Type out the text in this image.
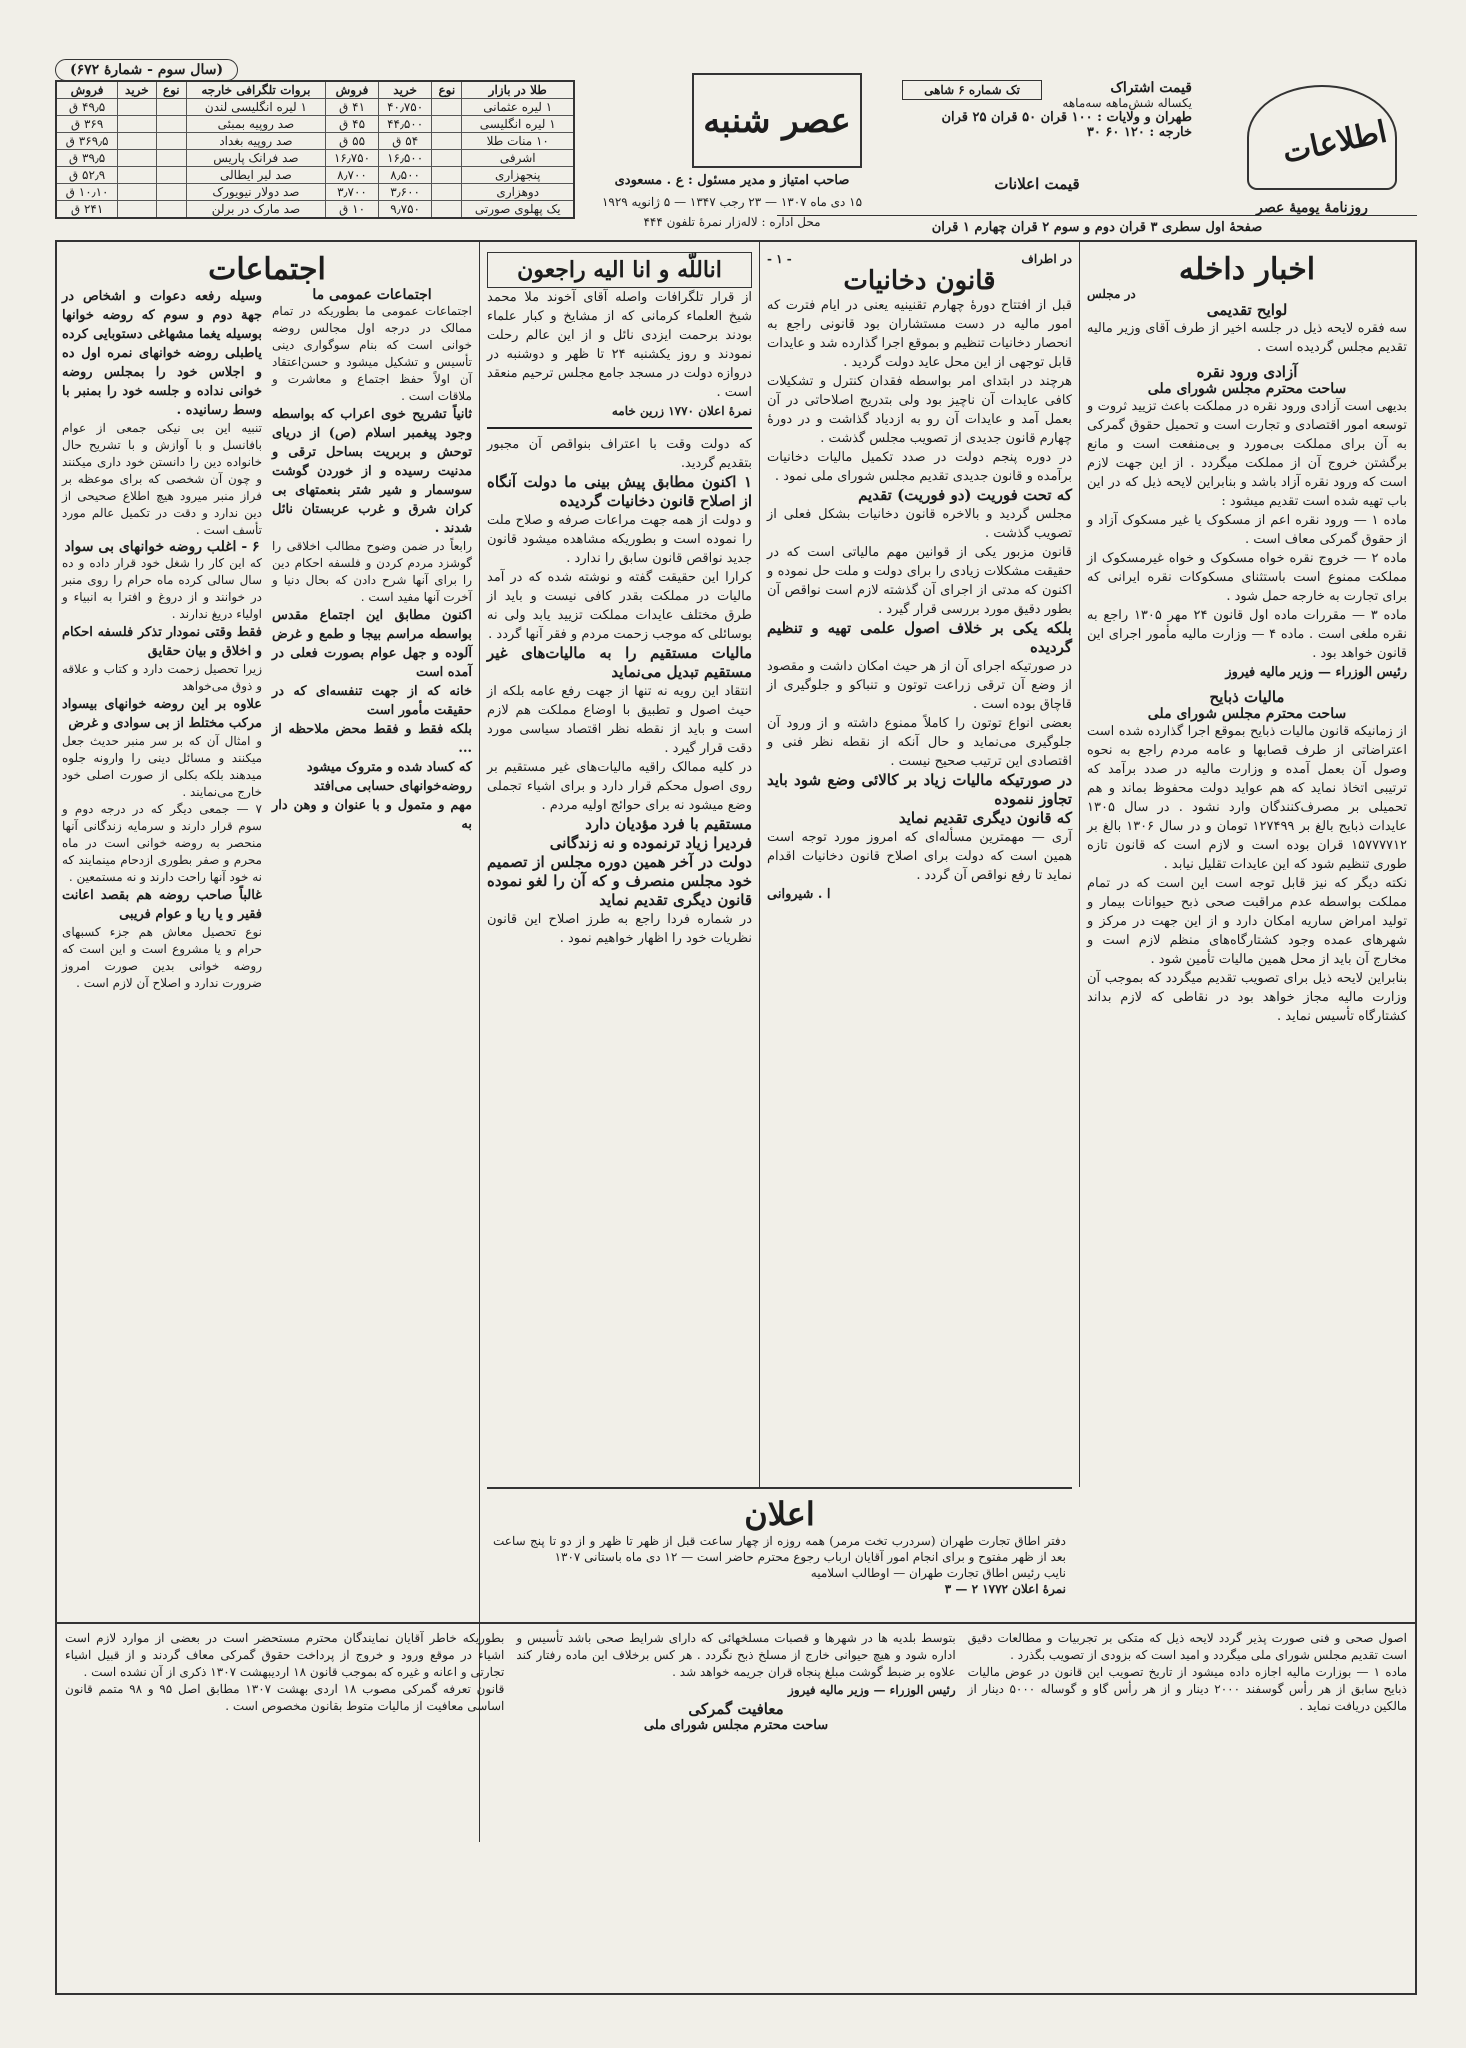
اطلاعات
روزنامهٔ یومیهٔ عصر
(سال سوم - شمارهٔ ۶۷۲)
قیمت اشتراک
یکساله شش‌ماهه سه‌ماهه
طهران و ولایات : ۱۰۰ قران ۵۰ قران ۲۵ قران
خارجه : ۱۲۰ ۶۰ ۳۰
تک شماره ۶ شاهی
قیمت اعلانات
صفحهٔ اول سطری ۳ قران دوم و سوم ۲ قران چهارم ۱ قران
عصر شنبه
صاحب امتیاز و مدیر مسئول : ع . مسعودی
۱۵ دی ماه ۱۳۰۷ — ۲۳ رجب ۱۳۴۷ — ۵ ژانویه ۱۹۲۹
محل اداره : لاله‌زار نمرهٔ تلفون ۴۴۴
طلا در بازار	نوع	خرید	فروش	بروات تلگرافی خارجه	نوع	خرید	فروش
۱ لیره عثمانی		۴۰٫۷۵۰	۴۱ ق	۱ لیره انگلیسی لندن			۴۹٫۵ ق
۱ لیره انگلیسی		۴۴٫۵۰۰	۴۵ ق	صد روپیه بمبئی			۳۶۹ ق
۱۰ منات طلا		۵۴ ق	۵۵ ق	صد روپیه بغداد			۳۶۹٫۵ ق
اشرفی		۱۶٫۵۰۰	۱۶٫۷۵۰	صد فرانک پاریس			۳۹٫۵ ق
پنجهزاری		۸٫۵۰۰	۸٫۷۰۰	صد لیر ایطالی			۵۲٫۹ ق
دوهزاری		۳٫۶۰۰	۳٫۷۰۰	صد دولار نیویورک			۱۰٫۱۰ ق
یک پهلوی صورتی		۹٫۷۵۰	۱۰ ق	صد مارک در برلن			۲۴۱ ق
اخبار داخله
در مجلس
لوایح تقدیمی
سه فقره لایحه ذیل در جلسه اخیر از طرف آقای وزیر مالیه تقدیم مجلس گردیده است .
آزادی ورود نقره
ساحت محترم مجلس شورای ملی
بدیهی است آزادی ورود نقره در مملکت باعث تزیید ثروت و توسعه امور اقتصادی و تجارت است و تحمیل حقوق گمرکی به آن برای مملکت بی‌مورد و بی‌منفعت است و مانع برگشتن خروج آن از مملکت میگردد . از این جهت لازم است که ورود نقره آزاد باشد و بنابراین لایحه ذیل که در این باب تهیه شده است تقدیم میشود :
ماده ۱ — ورود نقره اعم از مسکوک یا غیر مسکوک آزاد و از حقوق گمرکی معاف است .
ماده ۲ — خروج نقره خواه مسکوک و خواه غیرمسکوک از مملکت ممنوع است باستثنای مسکوکات نقره ایرانی که برای تجارت به خارجه حمل شود .
ماده ۳ — مقررات ماده اول قانون ۲۴ مهر ۱۳۰۵ راجع به نقره ملغی است . ماده ۴ — وزارت مالیه مأمور اجرای این قانون خواهد بود .
رئیس الوزراء — وزیر مالیه فیروز
مالیات ذبایح
ساحت محترم مجلس شورای ملی
از زمانیکه قانون مالیات ذبایح بموقع اجرا گذارده شده است اعتراضاتی از طرف قصابها و عامه مردم راجع به نحوه وصول آن بعمل آمده و وزارت مالیه در صدد برآمد که ترتیبی اتخاذ نماید که هم عواید دولت محفوظ بماند و هم تحمیلی بر مصرف‌کنندگان وارد نشود . در سال ۱۳۰۵ عایدات ذبایح بالغ بر ۱۲۷۴۹۹ تومان و در سال ۱۳۰۶ بالغ بر ۱۵۷۷۷۷۱۲ قران بوده است و لازم است که قانون تازه طوری تنظیم شود که این عایدات تقلیل نیابد .
نکته دیگر که نیز قابل توجه است این است که در تمام مملکت بواسطه عدم مراقبت صحی ذبح حیوانات بیمار و تولید امراض ساریه امکان دارد و از این جهت در مرکز و شهرهای عمده وجود کشتارگاه‌های منظم لازم است و مخارج آن باید از محل همین مالیات تأمین شود .
بنابراین لایحه ذیل برای تصویب تقدیم میگردد که بموجب آن وزارت مالیه مجاز خواهد بود در نقاطی که لازم بداند کشتارگاه تأسیس نماید .
در اطراف
- ۱ -
قانون دخانیات
قبل از افتتاح دورهٔ چهارم تقنینیه یعنی در ایام فترت که امور مالیه در دست مستشاران بود قانونی راجع به انحصار دخانیات تنظیم و بموقع اجرا گذارده شد و عایدات قابل توجهی از این محل عاید دولت گردید .
هرچند در ابتدای امر بواسطه فقدان کنترل و تشکیلات کافی عایدات آن ناچیز بود ولی بتدریج اصلاحاتی در آن بعمل آمد و عایدات آن رو به ازدیاد گذاشت و در دورهٔ چهارم قانون جدیدی از تصویب مجلس گذشت .
در دوره پنجم دولت در صدد تکمیل مالیات دخانیات برآمده و قانون جدیدی تقدیم مجلس شورای ملی نمود .
که تحت فوریت (دو فوریت) تقدیم
مجلس گردید و بالاخره قانون دخانیات بشکل فعلی از تصویب گذشت .
قانون مزبور یکی از قوانین مهم مالیاتی است که در حقیقت مشکلات زیادی را برای دولت و ملت حل نموده و اکنون که مدتی از اجرای آن گذشته لازم است نواقص آن بطور دقیق مورد بررسی قرار گیرد .
بلکه یکی بر خلاف اصول علمی تهیه و تنظیم گردیده
در صورتیکه اجرای آن از هر حیث امکان داشت و مقصود از وضع آن ترقی زراعت توتون و تنباکو و جلوگیری از قاچاق بوده است .
بعضی انواع توتون را کاملاً ممنوع داشته و از ورود آن جلوگیری می‌نماید و حال آنکه از نقطه نظر فنی و اقتصادی این ترتیب صحیح نیست .
در صورتیکه مالیات زیاد بر کالائی وضع شود باید تجاوز ننموده
که قانون دیگری تقدیم نماید
آری — مهمترین مسأله‌ای که امروز مورد توجه است همین است که دولت برای اصلاح قانون دخانیات اقدام نماید تا رفع نواقص آن گردد .
ا . شیروانی
اناللّه و انا الیه راجعون
از قرار تلگرافات واصله آقای آخوند ملا محمد شیخ العلماء کرمانی که از مشایخ و کبار علماء بودند برحمت ایزدی نائل و از این عالم رحلت نمودند و روز یکشنبه ۲۴ تا ظهر و دوشنبه در دروازه دولت در مسجد جامع مجلس ترحیم منعقد است .
نمرهٔ اعلان ۱۷۷۰ زرین خامه
که دولت وقت با اعتراف بنواقص آن مجبور بتقدیم گردید.
۱ اکنون مطابق پیش بینی ما دولت آنگاه از اصلاح قانون دخانیات گردیده
و دولت از همه جهت مراعات صرفه و صلاح ملت را نموده است و بطوریکه مشاهده میشود قانون جدید نواقص قانون سابق را ندارد .
کرارا این حقیقت گفته و نوشته شده که در آمد مالیات در مملکت بقدر کافی نیست و باید از طرق مختلف عایدات مملکت تزیید یابد ولی نه بوسائلی که موجب زحمت مردم و فقر آنها گردد .
مالیات مستقیم را به مالیات‌های غیر مستقیم تبدیل می‌نماید
انتقاد این رویه نه تنها از جهت رفع عامه بلکه از حیث اصول و تطبیق با اوضاع مملکت هم لازم است و باید از نقطه نظر اقتصاد سیاسی مورد دقت قرار گیرد .
در کلیه ممالک راقیه مالیات‌های غیر مستقیم بر روی اصول محکم قرار دارد و برای اشیاء تجملی وضع میشود نه برای حوائج اولیه مردم .
مستقیم با فرد مؤدیان دارد
فردیرا زیاد ترنموده و نه زندگانی
دولت در آخر همین دوره مجلس از تصمیم خود مجلس منصرف و که آن را لغو نموده قانون دیگری تقدیم نماید
در شماره فردا راجع به طرز اصلاح این قانون نظریات خود را اظهار خواهیم نمود .
اجتماعات
اجتماعات عمومی ما
اجتماعات عمومی ما بطوریکه در تمام ممالک در درجه اول مجالس روضه خوانی است که بنام سوگواری دینی تأسیس و تشکیل میشود و حسن‌اعتقاد آن اولاً حفظ اجتماع و معاشرت و ملاقات است .
ثانیاً تشریح خوی اعراب که بواسطه وجود پیغمبر اسلام (ص) از دریای توحش و بربریت بساحل ترقی و مدنیت رسیده و از خوردن گوشت سوسمار و شیر شتر بنعمتهای بی کران شرق و غرب عربستان نائل شدند .
رابعاً در ضمن وضوح مطالب اخلاقی را گوشزد مردم کردن و فلسفه احکام دین را برای آنها شرح دادن که بحال دنیا و آخرت آنها مفید است .
اکنون مطابق این اجتماع مقدس بواسطه مراسم بیجا و طمع و غرض آلوده و جهل عوام بصورت فعلی در آمده است
خانه که از جهت تنفسه‌ای که در حقیقت مأمور است
بلکه فقط و فقط محض ملاحظه از ...
که کساد شده و متروک میشود
روضه‌خوانهای حسابی می‌افتد
مهم و متمول و با عنوان و وهن دار به
وسیله رفعه دعوات و اشخاص در جهة دوم و سوم که روضه خوانها بوسیله یغما مشهاغی دستوبایی کرده یاطبلی روضه خوانهای نمره اول ده و اجلاس خود را بمجلس روضه خوانی نداده و جلسه خود را بمنبر با وسط رسانیده .
تنبیه این بی نیکی جمعی از عوام بافانسل و با آوازش و با تشریح حال خانواده دین را دانستن خود داری میکنند و چون آن شخصی که برای موعظه بر فراز منبر میرود هیچ اطلاع صحیحی از دین ندارد و دقت در تکمیل عالم مورد تأسف است .
۶ - اغلب روضه خوانهای بی سواد
که این کار را شغل خود قرار داده و ده سال سالی کرده ماه حرام را روی منبر در خوانند و از دروغ و افترا به انبیاء و اولیاء دریغ ندارند .
فقط وقتی نمودار تذکر فلسفه احکام و اخلاق و بیان حقایق
زیرا تحصیل زحمت دارد و کتاب و علاقه و ذوق می‌خواهد
علاوه بر این روضه خوانهای بیسواد مرکب مختلط از بی سوادی و غرض
و امثال آن که بر سر منبر حدیث جعل میکنند و مسائل دینی را وارونه جلوه میدهند بلکه بکلی از صورت اصلی خود خارج می‌نمایند .
۷ — جمعی دیگر که در درجه دوم و سوم قرار دارند و سرمایه زندگانی آنها منحصر به روضه خوانی است در ماه محرم و صفر بطوری ازدحام مینمایند که نه خود آنها راحت دارند و نه مستمعین .
غالباً صاحب روضه هم بقصد اعانت فقیر و یا ریا و عوام فریبی
نوع تحصیل معاش هم جزء کسبهای حرام و یا مشروع است و این است که روضه خوانی بدین صورت امروز ضرورت ندارد و اصلاح آن لازم است .
اعلان
دفتر اطاق تجارت طهران (سردرب تخت مرمر) همه روزه از چهار ساعت قبل از ظهر تا ظهر و از دو تا پنج ساعت بعد از ظهر مفتوح و برای انجام امور آقایان ارباب رجوع محترم حاضر است — ۱۲ دی ماه باستانی ۱۳۰۷
نایب رئیس اطاق تجارت طهران — اوطالب اسلامیه
نمرهٔ اعلان ۱۷۷۲ ۲ — ۳
اصول صحی و فنی صورت پذیر گردد لایحه ذیل که متکی بر تجربیات و مطالعات دقیق است تقدیم مجلس شورای ملی میگردد و امید است که بزودی از تصویب بگذرد .
ماده ۱ — بوزارت مالیه اجازه داده میشود از تاریخ تصویب این قانون در عوض مالیات ذبایح سابق از هر رأس گوسفند ۲۰۰۰ دینار و از هر رأس گاو و گوساله ۵۰۰۰ دینار از مالکین دریافت نماید .
بتوسط بلدیه ها در شهرها و قصبات مسلخهائی که دارای شرایط صحی باشد تأسیس و اداره شود و هیچ حیوانی خارج از مسلخ ذبح نگردد . هر کس برخلاف این ماده رفتار کند علاوه بر ضبط گوشت مبلغ پنجاه قران جریمه خواهد شد .
رئیس الوزراء — وزیر مالیه فیروز
معافیت گمرکی
ساحت محترم مجلس شورای ملی
بطوریکه خاطر آقایان نمایندگان محترم مستحضر است در بعضی از موارد لازم است اشیاء در موقع ورود و خروج از پرداخت حقوق گمرکی معاف گردند و از قبیل اشیاء تجارتی و اعانه و غیره که بموجب قانون ۱۸ اردیبهشت ۱۳۰۷ ذکری از آن نشده است .
قانون تعرفه گمرکی مصوب ۱۸ اردی بهشت ۱۳۰۷ مطابق اصل ۹۵ و ۹۸ متمم قانون اساسی معافیت از مالیات متوط بقانون مخصوص است .
